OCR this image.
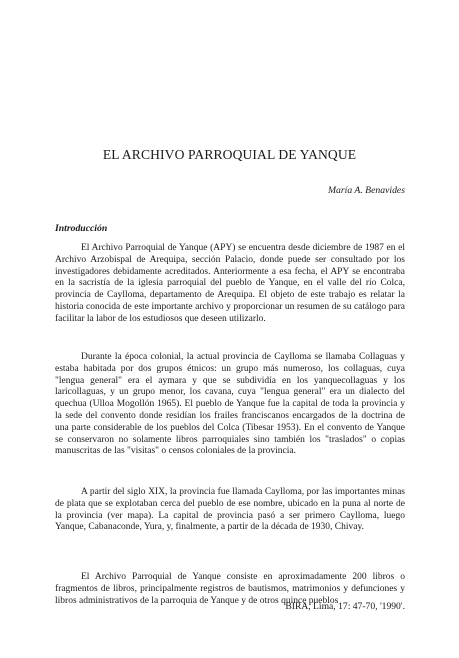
EL ARCHIVO PARROQUIAL DE YANQUE
María A. Benavides
Introducción

El Archivo Parroquial de Yanque (APY) se encuentra desde diciembre de 1987 en el Archivo Arzobispal de Arequipa, sección Palacio, donde puede ser consultado por los investigadores debidamente acreditados. Anteriormente a esa fecha, el APY se encontraba en la sacristía de la iglesia parroquial del pueblo de Yanque, en el valle del río Colca, provincia de Caylloma, departamento de Arequipa. El objeto de este trabajo es relatar la historia conocida de este importante archivo y proporcionar un resumen de su catálogo para facilitar la labor de los estudiosos que deseen utilizarlo.

Durante la época colonial, la actual provincia de Caylloma se llamaba Collaguas y estaba habitada por dos grupos étnicos: un grupo más numeroso, los collaguas, cuya "lengua general" era el aymara y que se subdividía en los yanquecollaguas y los laricollaguas, y un grupo menor, los cavana, cuya "lengua general" era un dialecto del quechua (Ulloa Mogollón 1965). El pueblo de Yanque fue la capital de toda la provincia y la sede del convento donde residían los frailes franciscanos encargados de la doctrina de una parte considerable de los pueblos del Colca (Tibesar 1953). En el convento de Yanque se conservaron no solamente libros parroquiales sino también los "traslados" o copias manuscritas de las "visitas" o censos coloniales de la provincia.

A partir del siglo XIX, la provincia fue llamada Caylloma, por las importantes minas de plata que se explotaban cerca del pueblo de ese nombre, ubicado en la puna al norte de la provincia (ver mapa). La capital de provincia pasó a ser primero Caylloma, luego Yanque, Cabanaconde, Yura, y, finalmente, a partir de la década de 1930, Chivay.

El Archivo Parroquial de Yanque consiste en aproximadamente 200 libros o fragmentos de libros, principalmente registros de bautismos, matrimonios y defunciones y libros administrativos de la parroquia de Yanque y de otros quince pueblos

BIRA, Lima, 17: 47-70, '1990'.
